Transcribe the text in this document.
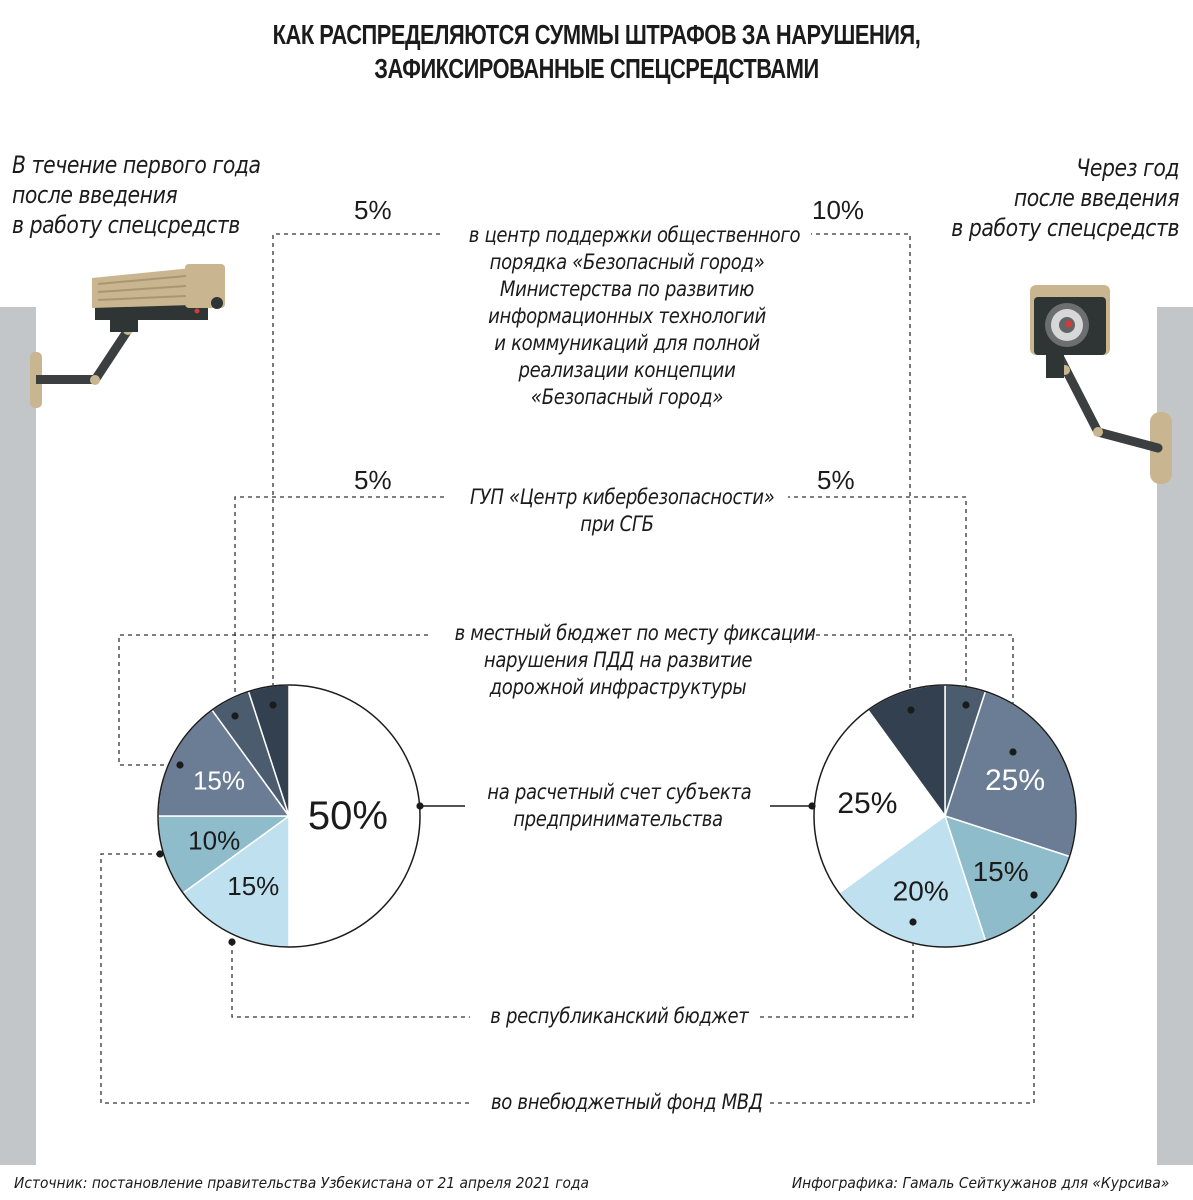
50%
15%
10%
15%	25%
15%
20%
25%
КАК РАСПРЕДЕЛЯЮТСЯ СУММЫ ШТРАФОВ ЗА НАРУШЕНИЯ,
ЗАФИКСИРОВАННЫЕ СПЕЦСРЕДСТВАМИ
В течение первого года
после введения
в работу спецсредств
Через год
после введения
в работу спецсредств
5%	10%
5%	5%
в центр поддержки общественного
порядка «Безопасный город»
Министерства по развитию
информационных технологий
и коммуникаций для полной
реализации концепции
«Безопасный город»
ГУП «Центр кибербезопасности»
при СГБ
в местный бюджет по месту фиксации
нарушения ПДД на развитие
дорожной инфраструктуры
на расчетный счет субъекта
предпринимательства
в республиканский бюджет
во внебюджетный фонд МВД
Источник: постановление правительства Узбекистана от 21 апреля 2021 года	Инфографика: Гамаль Сейткужанов для «Курсива»
